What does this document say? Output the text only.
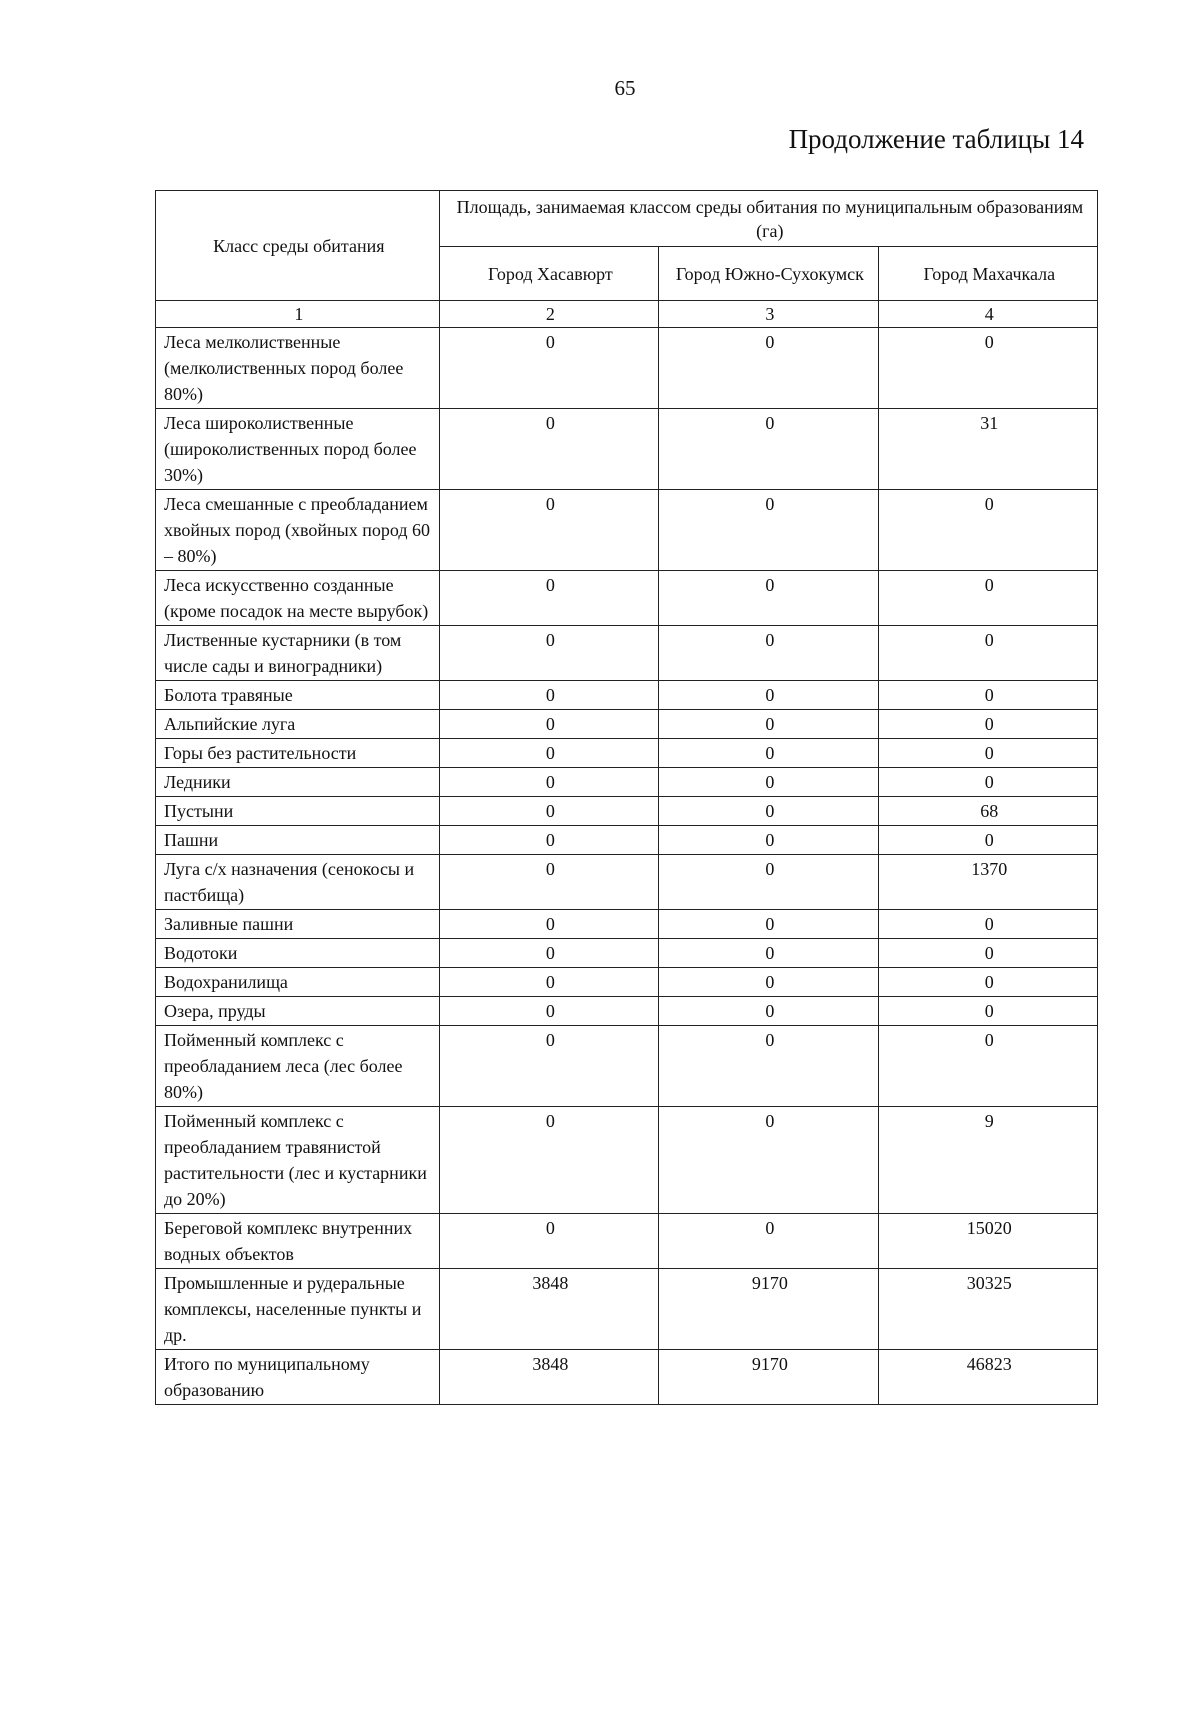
65
Продолжение таблицы 14
Класс среды обитания	Площадь, занимаемая классом среды обитания по муниципальным образованиям (га)		
	Город Хасавюрт	Город Южно-Сухокумск	Город Махачкала
1	2	3	4
Леса мелколиственные (мелколиственных пород более 80%)	0	0	0
Леса широколиственные (широколиственных пород более 30%)	0	0	31
Леса смешанные с преобладанием хвойных пород (хвойных пород 60 – 80%)	0	0	0
Леса искусственно созданные (кроме посадок на месте вырубок)	0	0	0
Лиственные кустарники (в том числе сады и виноградники)	0	0	0
Болота травяные	0	0	0
Альпийские луга	0	0	0
Горы без растительности	0	0	0
Ледники	0	0	0
Пустыни	0	0	68
Пашни	0	0	0
Луга с/х назначения (сенокосы и пастбища)	0	0	1370
Заливные пашни	0	0	0
Водотоки	0	0	0
Водохранилища	0	0	0
Озера, пруды	0	0	0
Пойменный комплекс с преобладанием леса (лес более 80%)	0	0	0
Пойменный комплекс с преобладанием травянистой растительности (лес и кустарники до 20%)	0	0	9
Береговой комплекс внутренних водных объектов	0	0	15020
Промышленные и рудеральные комплексы, населенные пункты и др.	3848	9170	30325
Итого по муниципальному образованию	3848	9170	46823
